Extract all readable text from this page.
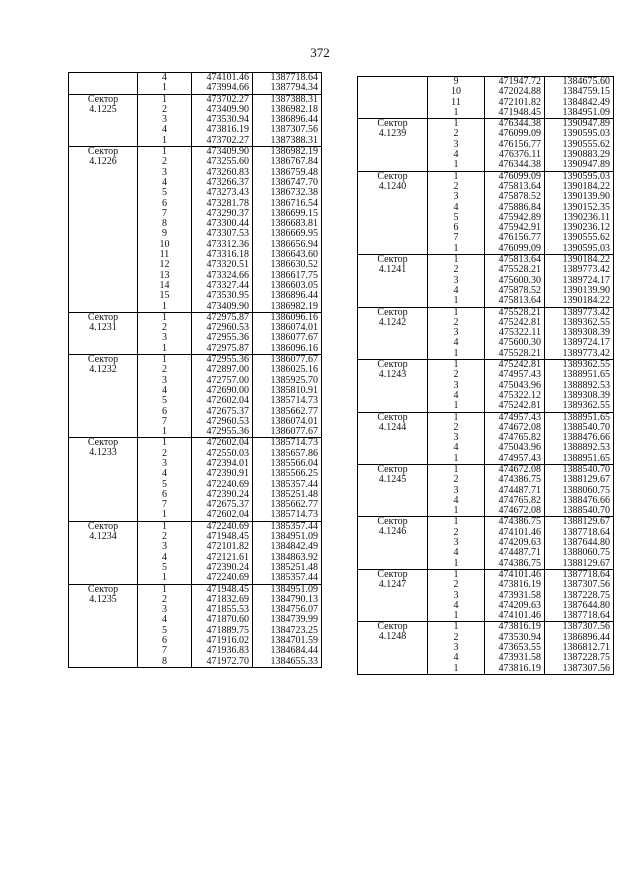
372
	4	474101.46	1387718.64
	1	473994.66	1387794.34
Сектор
4.1225	1	473702.27	1387388.31
	2	473409.90	1386982.18
	3	473530.94	1386896.44
	4	473816.19	1387307.56
	1	473702.27	1387388.31
Сектор
4.1226	1	473409.90	1386982.19
	2	473255.60	1386767.84
	3	473260.83	1386759.48
	4	473266.37	1386747.70
	5	473273.43	1386732.38
	6	473281.78	1386716.54
	7	473290.37	1386699.15
	8	473300.44	1386683.81
	9	473307.53	1386669.95
	10	473312.36	1386656.94
	11	473316.18	1386643.60
	12	473320.51	1386630.52
	13	473324.66	1386617.75
	14	473327.44	1386603.05
	15	473530.95	1386896.44
	1	473409.90	1386982.19
Сектор
4.1231	1	472975.87	1386096.16
	2	472960.53	1386074.01
	3	472955.36	1386077.67
	1	472975.87	1386096.16
Сектор
4.1232	1	472955.36	1386077.67
	2	472897.00	1386025.16
	3	472757.00	1385925.70
	4	472690.00	1385810.91
	5	472602.04	1385714.73
	6	472675.37	1385662.77
	7	472960.53	1386074.01
	1	472955.36	1386077.67
Сектор
4.1233	1	472602.04	1385714.73
	2	472550.03	1385657.86
	3	472394.01	1385566.04
	4	472390.91	1385566.25
	5	472240.69	1385357.44
	6	472390.24	1385251.48
	7	472675.37	1385662.77
	1	472602.04	1385714.73
Сектор
4.1234	1	472240.69	1385357.44
	2	471948.45	1384951.09
	3	472101.82	1384842.49
	4	472121.61	1384863.92
	5	472390.24	1385251.48
	1	472240.69	1385357.44
Сектор
4.1235	1	471948.45	1384951.09
	2	471832.69	1384790.13
	3	471855.53	1384756.07
	4	471870.60	1384739.99
	5	471889.75	1384723.25
	6	471916.02	1384701.59
	7	471936.83	1384684.44
	8	471972.70	1384655.33
	9	471947.72	1384675.60
	10	472024.88	1384759.15
	11	472101.82	1384842.49
	1	471948.45	1384951.09
Сектор
4.1239	1	476344.38	1390947.89
	2	476099.09	1390595.03
	3	476156.77	1390555.62
	4	476376.11	1390883.29
	1	476344.38	1390947.89
Сектор
4.1240	1	476099.09	1390595.03
	2	475813.64	1390184.22
	3	475878.52	1390139.90
	4	475886.84	1390152.35
	5	475942.89	1390236.11
	6	475942.91	1390236.12
	7	476156.77	1390555.62
	1	476099.09	1390595.03
Сектор
4.1241	1	475813.64	1390184.22
	2	475528.21	1389773.42
	3	475600.30	1389724.17
	4	475878.52	1390139.90
	1	475813.64	1390184.22
Сектор
4.1242	1	475528.21	1389773.42
	2	475242.81	1389362.55
	3	475322.11	1389308.39
	4	475600.30	1389724.17
	1	475528.21	1389773.42
Сектор
4.1243	1	475242.81	1389362.55
	2	474957.43	1388951.65
	3	475043.96	1388892.53
	4	475322.12	1389308.39
	1	475242.81	1389362.55
Сектор
4.1244	1	474957.43	1388951.65
	2	474672.08	1388540.70
	3	474765.82	1388476.66
	4	475043.96	1388892.53
	1	474957.43	1388951.65
Сектор
4.1245	1	474672.08	1388540.70
	2	474386.75	1388129.67
	3	474487.71	1388060.75
	4	474765.82	1388476.66
	1	474672.08	1388540.70
Сектор
4.1246	1	474386.75	1388129.67
	2	474101.46	1387718.64
	3	474209.63	1387644.80
	4	474487.71	1388060.75
	1	474386.75	1388129.67
Сектор
4.1247	1	474101.46	1387718.64
	2	473816.19	1387307.56
	3	473931.58	1387228.75
	4	474209.63	1387644.80
	1	474101.46	1387718.64
Сектор
4.1248	1	473816.19	1387307.56
	2	473530.94	1386896.44
	3	473653.55	1386812.71
	4	473931.58	1387228.75
	1	473816.19	1387307.56
